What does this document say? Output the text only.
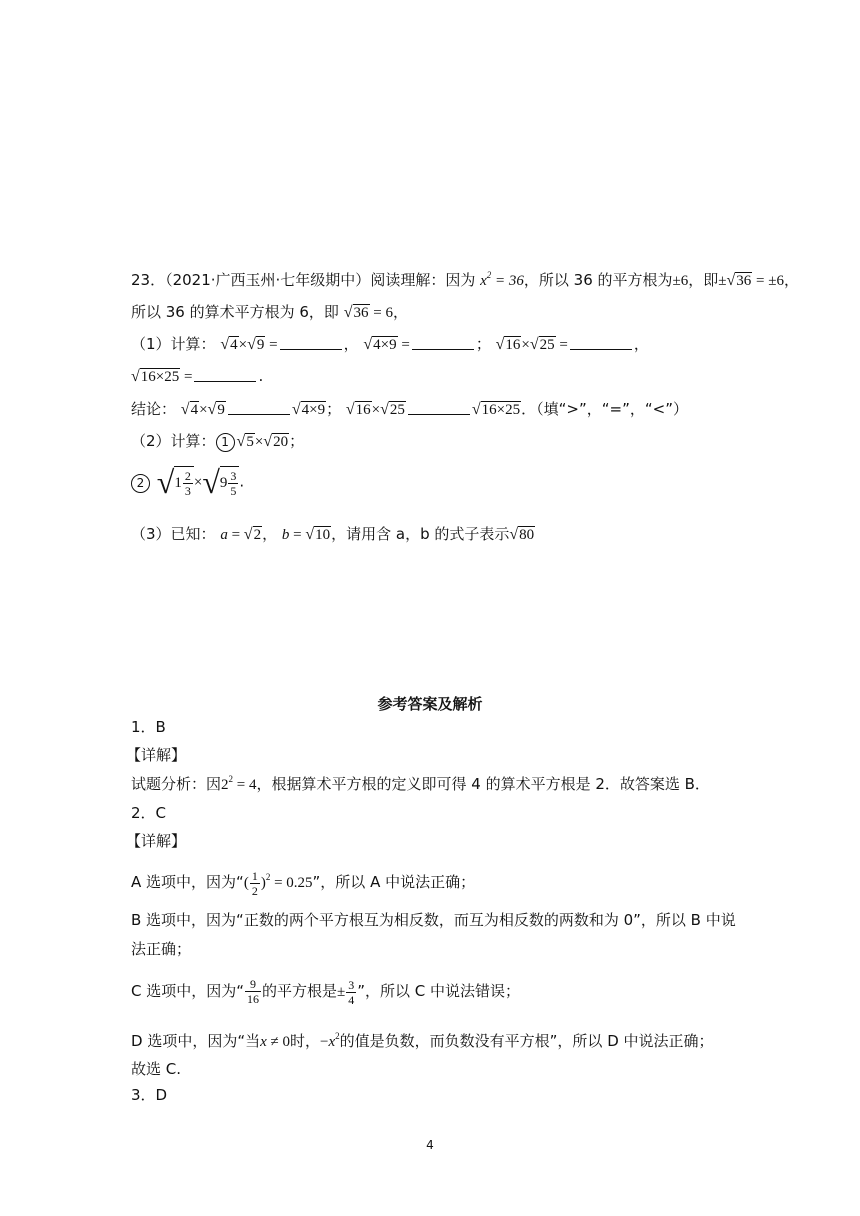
23．（2021·广西玉州·七年级期中）阅读理解：因为 $x^2 = 36$，所以 36 的平方根为±6，即±√36 = ±6，
所以 36 的算术平方根为 6，即 √36 = 6，
（1）计算： √4×√9 =	， √4×9 =	； √16×√25 =	，
√16×25 =	.
结论： √4×√9	√4×9； √16×√25	√16×25．（填“>”，“=”，“<”）
（2）计算： 1 √5×√20；
2 $√1 \frac{2}{3} \times√9 \frac{3}{5}$ .
（3）已知： a = √2， b = √10，请用含 a，b 的式子表示√80
参考答案及解析
1．B
【详解】
试题分析：因$2^2 = 4$，根据算术平方根的定义即可得 4 的算术平方根是 2．故答案选 B．
2．C
【详解】
A 选项中，因为“( $\frac{1}{2} )^2 = 0.25$”，所以 A 中说法正确；
B 选项中，因为“正数的两个平方根互为相反数，而互为相反数的两数和为 0”，所以 B 中说
法正确；
C 选项中，因为“ $\frac{9}{16}$ 的平方根是± $\frac{3}{4}$ ”，所以 C 中说法错误；
D 选项中，因为“当x ≠ 0时，$-x^2$的值是负数，而负数没有平方根”，所以 D 中说法正确；
故选 C.
3．D
4
